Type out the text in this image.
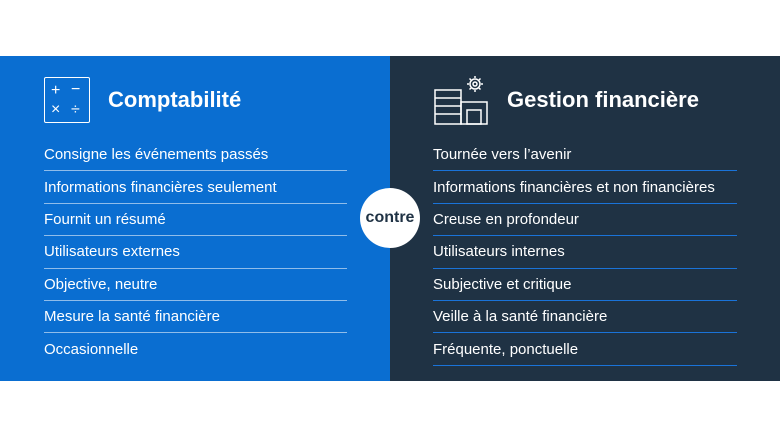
+ −
× ÷ Comptabilité
Consigne les événements passés
Informations financières seulement
Fournit un résumé
Utilisateurs externes
Objective, neutre
Mesure la santé financière
Occasionnelle
Gestion financière
Tournée vers l’avenir
Informations financières et non financières
Creuse en profondeur
Utilisateurs internes
Subjective et critique
Veille à la santé financière
Fréquente, ponctuelle
contre
